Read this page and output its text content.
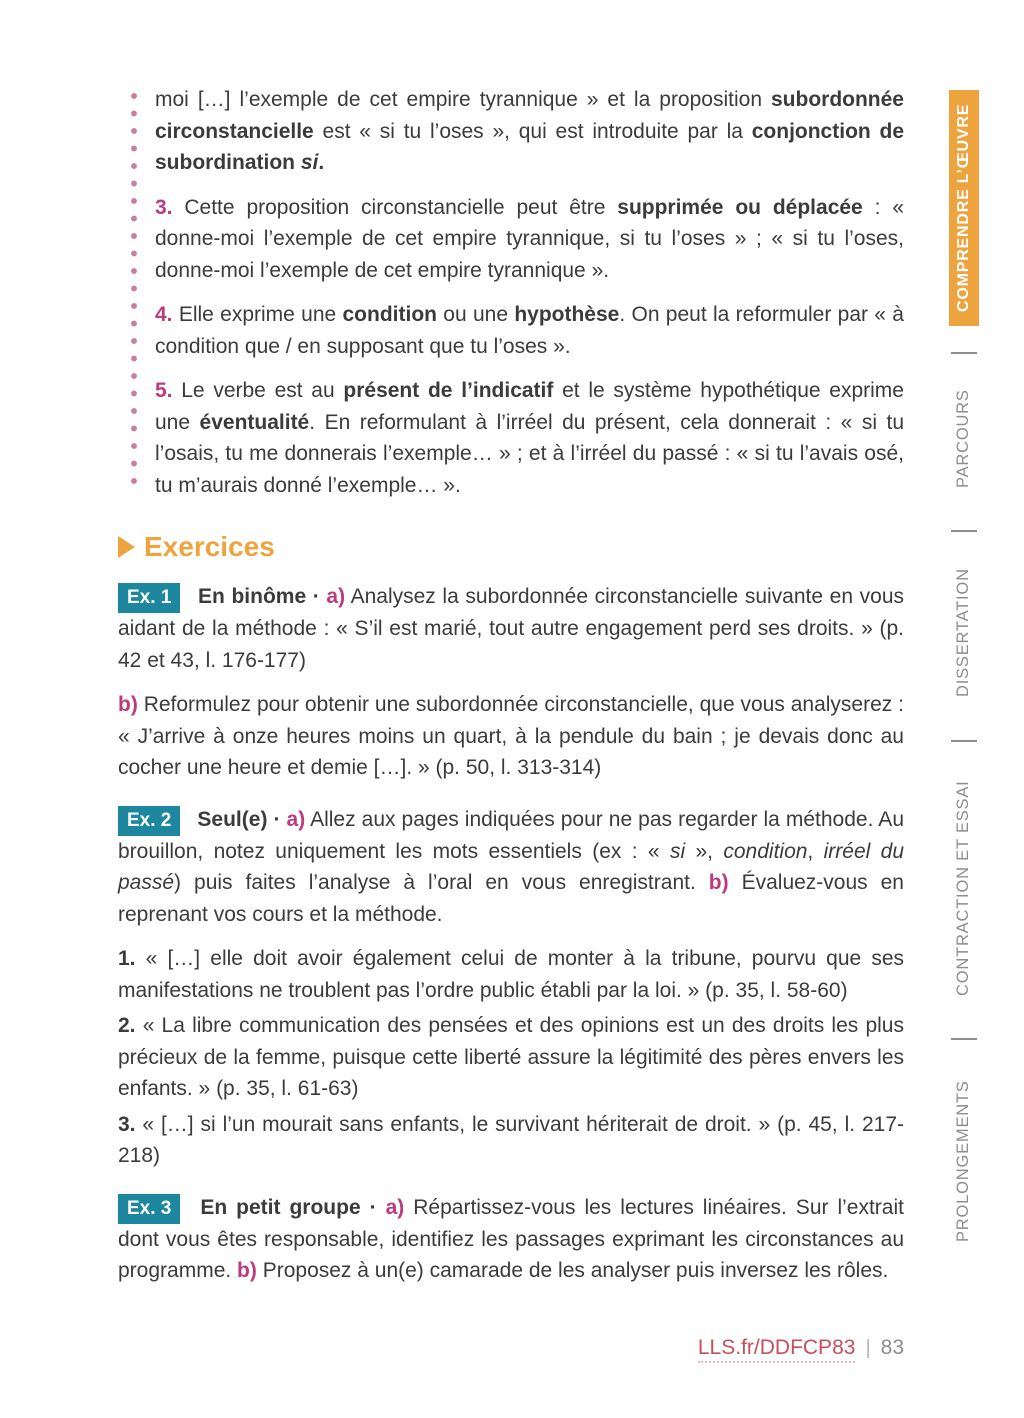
moi […] l’exemple de cet empire tyrannique » et la proposition subordonnée circonstancielle est « si tu l’oses », qui est introduite par la conjonction de subordination si.

3. Cette proposition circonstancielle peut être supprimée ou déplacée : « donne-moi l’exemple de cet empire tyrannique, si tu l’oses » ; « si tu l’oses, donne-moi l’exemple de cet empire tyrannique ».

4. Elle exprime une condition ou une hypothèse. On peut la reformuler par « à condition que / en supposant que tu l’oses ».

5. Le verbe est au présent de l’indicatif et le système hypothétique exprime une éventualité. En reformulant à l’irréel du présent, cela donnerait : « si tu l’osais, tu me donnerais l’exemple… » ; et à l’irréel du passé : « si tu l’avais osé, tu m’aurais donné l’exemple… ».

Exercices

Ex. 1 En binôme · a) Analysez la subordonnée circonstancielle suivante en vous aidant de la méthode : « S’il est marié, tout autre engagement perd ses droits. » (p. 42 et 43, l. 176-177)

b) Reformulez pour obtenir une subordonnée circonstancielle, que vous analyserez : « J’arrive à onze heures moins un quart, à la pendule du bain ; je devais donc au cocher une heure et demie […]. » (p. 50, l. 313-314)

Ex. 2 Seul(e) · a) Allez aux pages indiquées pour ne pas regarder la méthode. Au brouillon, notez uniquement les mots essentiels (ex : « si », condition, irréel du passé) puis faites l’analyse à l’oral en vous enregistrant. b) Évaluez-vous en reprenant vos cours et la méthode.

1. « […] elle doit avoir également celui de monter à la tribune, pourvu que ses manifestations ne troublent pas l’ordre public établi par la loi. » (p. 35, l. 58-60)

2. « La libre communication des pensées et des opinions est un des droits les plus précieux de la femme, puisque cette liberté assure la légitimité des pères envers les enfants. » (p. 35, l. 61-63)

3. « […] si l’un mourait sans enfants, le survivant hériterait de droit. » (p. 45, l. 217-218)

Ex. 3 En petit groupe · a) Répartissez-vous les lectures linéaires. Sur l’extrait dont vous êtes responsable, identifiez les passages exprimant les circonstances au programme. b) Proposez à un(e) camarade de les analyser puis inversez les rôles.

COMPRENDRE L’ŒUVRE
PARCOURS
DISSERTATION
CONTRACTION ET ESSAI
PROLONGEMENTS
LLS.fr/DDFCP83 | 83
